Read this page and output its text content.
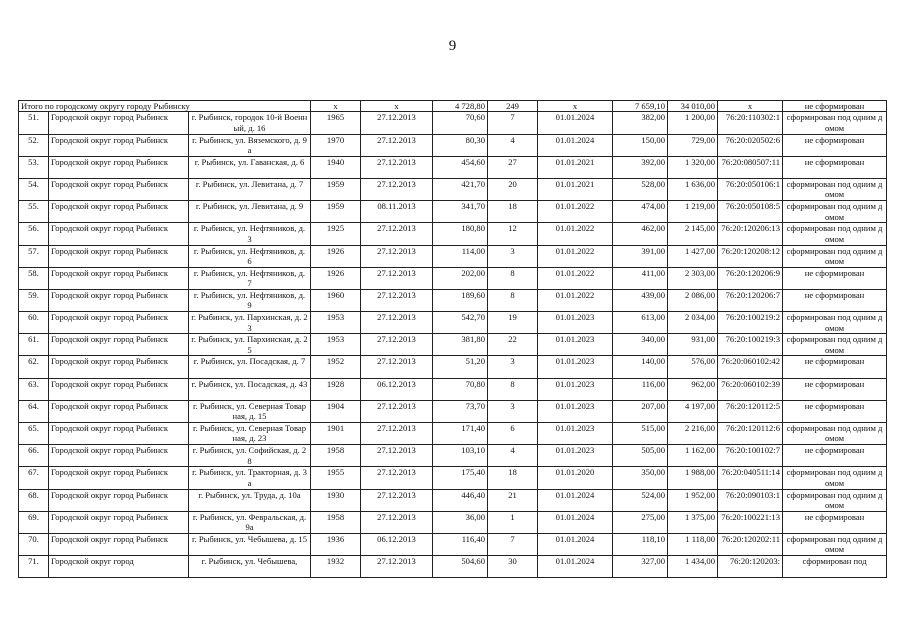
9
Итого по городскому округу городу Рыбинску			х	х	4 728,80	249	х	7 659,10	34 010,00	х	не сформирован
51.	Городской округ город Рыбинск	г. Рыбинск, городок 10-й Военный, д. 16	1965	27.12.2013	70,60	7	01.01.2024	382,00	1 200,00	76:20:110302:1	сформирован под одним домом
52.	Городской округ город Рыбинск	г. Рыбинск, ул. Вяземского, д. 9а	1970	27.12.2013	80,30	4	01.01.2024	150,00	729,00	76:20:020502:6	не сформирован
53.	Городской округ город Рыбинск	г. Рыбинск, ул. Гаванская, д. 6	1940	27.12.2013	454,60	27	01.01.2021	392,00	1 320,00	76:20:080507:11	не сформирован
54.	Городской округ город Рыбинск	г. Рыбинск, ул. Левитана, д. 7	1959	27.12.2013	421,70	20	01.01.2021	528,00	1 636,00	76:20:050106:1	сформирован под одним домом
55.	Городской округ город Рыбинск	г. Рыбинск, ул. Левитана, д. 9	1959	08.11.2013	341,70	18	01.01.2022	474,00	1 219,00	76:20:050108:5	сформирован под одним домом
56.	Городской округ город Рыбинск	г. Рыбинск, ул. Нефтяников, д. 3	1925	27.12.2013	180,80	12	01.01.2022	462,00	2 145,00	76:20:120206:13	сформирован под одним домом
57.	Городской округ город Рыбинск	г. Рыбинск, ул. Нефтяников, д. 6	1926	27.12.2013	114,00	3	01.01.2022	391,00	1 427,00	76:20:120208:12	сформирован под одним домом
58.	Городской округ город Рыбинск	г. Рыбинск, ул. Нефтяников, д. 7	1926	27.12.2013	202,00	8	01.01.2022	411,00	2 303,00	76:20:120206:9	не сформирован
59.	Городской округ город Рыбинск	г. Рыбинск, ул. Нефтяников, д. 9	1960	27.12.2013	189,60	8	01.01.2022	439,00	2 086,00	76:20:120206:7	не сформирован
60.	Городской округ город Рыбинск	г. Рыбинск, ул. Пархинская, д. 23	1953	27.12.2013	542,70	19	01.01.2023	613,00	2 034,00	76:20:100219:2	сформирован под одним домом
61.	Городской округ город Рыбинск	г. Рыбинск, ул. Пархинская, д. 25	1953	27.12.2013	381,80	22	01.01.2023	340,00	931,00	76:20:100219:3	сформирован под одним домом
62.	Городской округ город Рыбинск	г. Рыбинск, ул. Посадская, д. 7	1952	27.12.2013	51,20	3	01.01.2023	140,00	576,00	76:20:060102:42	не сформирован
63.	Городской округ город Рыбинск	г. Рыбинск, ул. Посадская, д. 43	1928	06.12.2013	70,80	8	01.01.2023	116,00	962,00	76:20:060102:39	не сформирован
64.	Городской округ город Рыбинск	г. Рыбинск, ул. Северная Товарная, д. 15	1904	27.12.2013	73,70	3	01.01.2023	207,00	4 197,00	76:20:120112:5	не сформирован
65.	Городской округ город Рыбинск	г. Рыбинск, ул. Северная Товарная, д. 23	1901	27.12.2013	171,40	6	01.01.2023	515,00	2 216,00	76:20:120112:6	сформирован под одним домом
66.	Городской округ город Рыбинск	г. Рыбинск, ул. Софийская, д. 28	1958	27.12.2013	103,10	4	01.01.2023	505,00	1 162,00	76:20:100102:7	не сформирован
67.	Городской округ город Рыбинск	г. Рыбинск, ул. Тракторная, д. 3а	1955	27.12.2013	175,40	18	01.01.2020	350,00	1 988,00	76:20:040511:14	сформирован под одним домом
68.	Городской округ город Рыбинск	г. Рыбинск, ул. Труда, д. 10а	1930	27.12.2013	446,40	21	01.01.2024	524,00	1 952,00	76:20:090103:1	сформирован под одним домом
69.	Городской округ город Рыбинск	г. Рыбинск, ул. Февральская, д. 9а	1958	27.12.2013	36,00	1	01.01.2024	275,00	1 375,00	76:20:100221:13	не сформирован
70.	Городской округ город Рыбинск	г. Рыбинск, ул. Чебышева, д. 15	1936	06.12.2013	116,40	7	01.01.2024	118,10	1 118,00	76:20:120202:11	сформирован под одним домом
71.	Городской округ город	г. Рыбинск, ул. Чебышева,	1932	27.12.2013	504,60	30	01.01.2024	327,00	1 434,00	76:20:120203:	сформирован под
